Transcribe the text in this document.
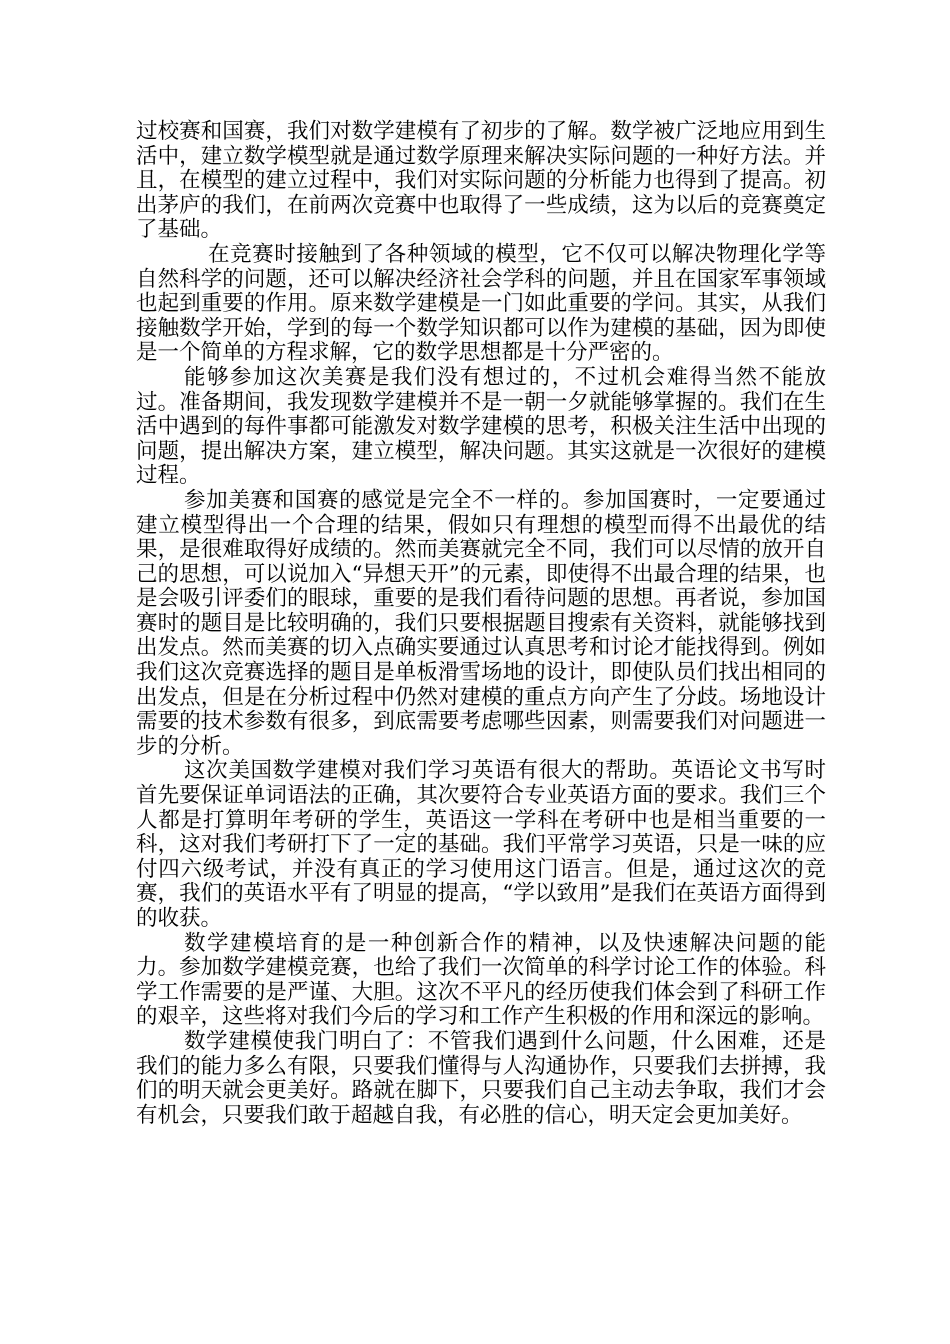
过校赛和国赛，我们对数学建模有了初步的了解。数学被广泛地应用到生活中，建立数学模型就是通过数学原理来解决实际问题的一种好方法。并且，在模型的建立过程中，我们对实际问题的分析能力也得到了提高。初出茅庐的我们，在前两次竞赛中也取得了一些成绩，这为以后的竞赛奠定了基础。

在竞赛时接触到了各种领域的模型，它不仅可以解决物理化学等自然科学的问题，还可以解决经济社会学科的问题，并且在国家军事领域也起到重要的作用。原来数学建模是一门如此重要的学问。其实，从我们接触数学开始，学到的每一个数学知识都可以作为建模的基础，因为即使是一个简单的方程求解，它的数学思想都是十分严密的。

能够参加这次美赛是我们没有想过的，不过机会难得当然不能放过。准备期间，我发现数学建模并不是一朝一夕就能够掌握的。我们在生活中遇到的每件事都可能激发对数学建模的思考，积极关注生活中出现的问题，提出解决方案，建立模型，解决问题。其实这就是一次很好的建模过程。

参加美赛和国赛的感觉是完全不一样的。参加国赛时，一定要通过建立模型得出一个合理的结果，假如只有理想的模型而得不出最优的结果，是很难取得好成绩的。然而美赛就完全不同，我们可以尽情的放开自己的思想，可以说加入“异想天开”的元素，即使得不出最合理的结果，也是会吸引评委们的眼球，重要的是我们看待问题的思想。再者说，参加国赛时的题目是比较明确的，我们只要根据题目搜索有关资料，就能够找到出发点。然而美赛的切入点确实要通过认真思考和讨论才能找得到。例如我们这次竞赛选择的题目是单板滑雪场地的设计，即使队员们找出相同的出发点，但是在分析过程中仍然对建模的重点方向产生了分歧。场地设计需要的技术参数有很多，到底需要考虑哪些因素，则需要我们对问题进一步的分析。

这次美国数学建模对我们学习英语有很大的帮助。英语论文书写时首先要保证单词语法的正确，其次要符合专业英语方面的要求。我们三个人都是打算明年考研的学生，英语这一学科在考研中也是相当重要的一科，这对我们考研打下了一定的基础。我们平常学习英语，只是一味的应付四六级考试，并没有真正的学习使用这门语言。但是，通过这次的竞赛，我们的英语水平有了明显的提高，“学以致用”是我们在英语方面得到的收获。

数学建模培育的是一种创新合作的精神，以及快速解决问题的能力。参加数学建模竞赛，也给了我们一次简单的科学讨论工作的体验。科学工作需要的是严谨、大胆。这次不平凡的经历使我们体会到了科研工作的艰辛，这些将对我们今后的学习和工作产生积极的作用和深远的影响。

数学建模使我门明白了：不管我们遇到什么问题，什么困难，还是我们的能力多么有限，只要我们懂得与人沟通协作，只要我们去拼搏，我们的明天就会更美好。路就在脚下，只要我们自己主动去争取，我们才会有机会，只要我们敢于超越自我，有必胜的信心，明天定会更加美好。
